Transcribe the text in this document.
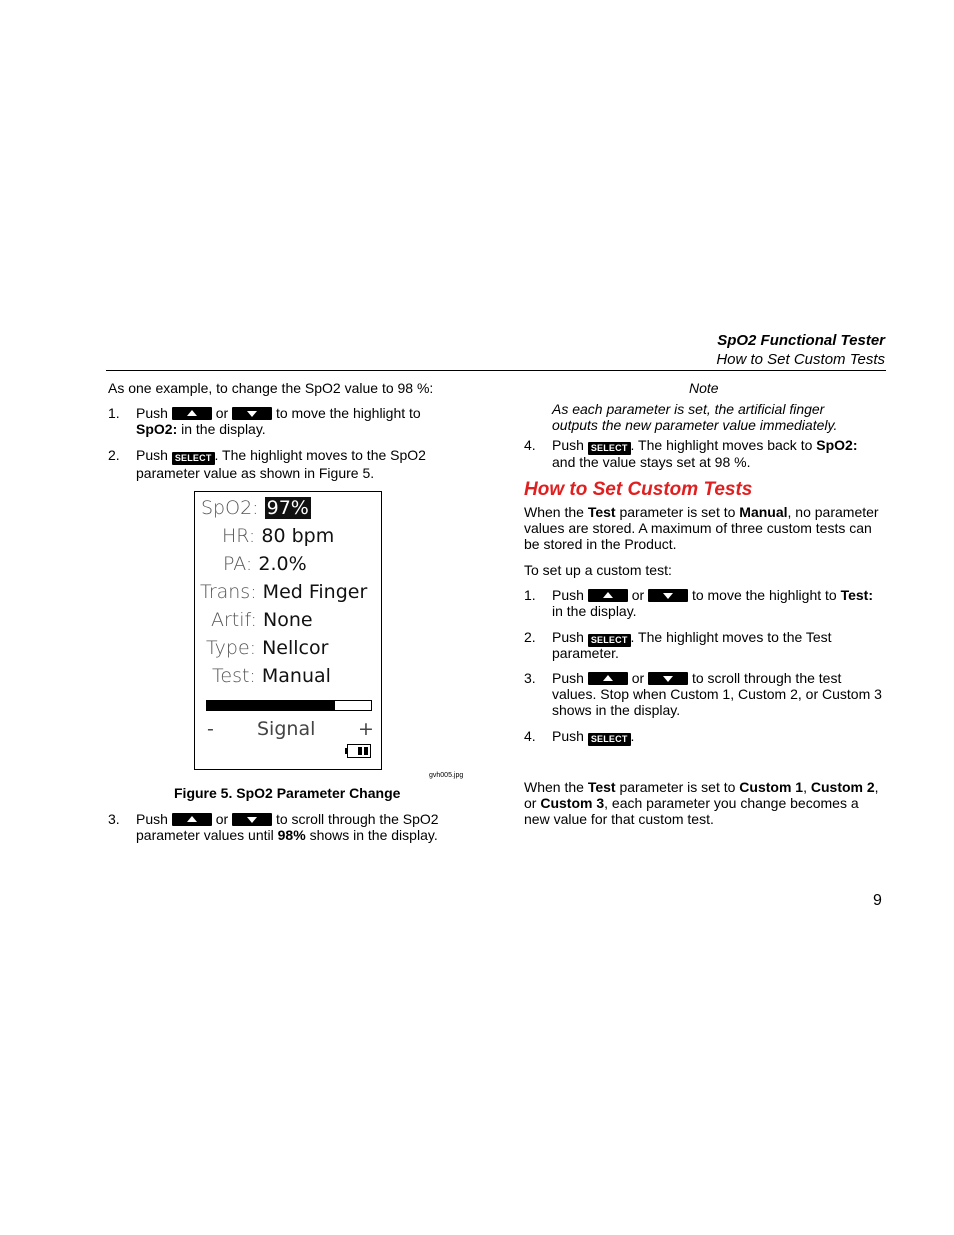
SpO2 Functional Tester
How to Set Custom Tests
As one example, to change the SpO2 value to 98 %:
1. Push	or	to move the highlight to
SpO2: in the display.
2. Push SELECT . The highlight moves to the SpO2 parameter value as shown in Figure 5.
SpO2: 97%
HR: 80 bpm
PA: 2.0%
Trans: Med Finger
Artif: None
Type: Nellcor
Test: Manual
- Signal +
gvh005.jpg
Figure 5. SpO2 Parameter Change
3. Push	or	to scroll through the SpO2
parameter values until 98% shows in the display.
Note
As each parameter is set, the artificial finger
outputs the new parameter value immediately.
4. Push SELECT . The highlight moves back to SpO2:
and the value stays set at 98 %.
How to Set Custom Tests
When the Test parameter is set to Manual, no parameter
values are stored. A maximum of three custom tests can
be stored in the Product.
To set up a custom test:
1. Push	or	to move the highlight to Test:
in the display.
2. Push SELECT . The highlight moves to the Test
parameter.
3. Push	or	to scroll through the test
values. Stop when Custom 1, Custom 2, or Custom 3
shows in the display.
4. Push SELECT .
When the Test parameter is set to Custom 1, Custom 2,
or Custom 3, each parameter you change becomes a
new value for that custom test.
9
